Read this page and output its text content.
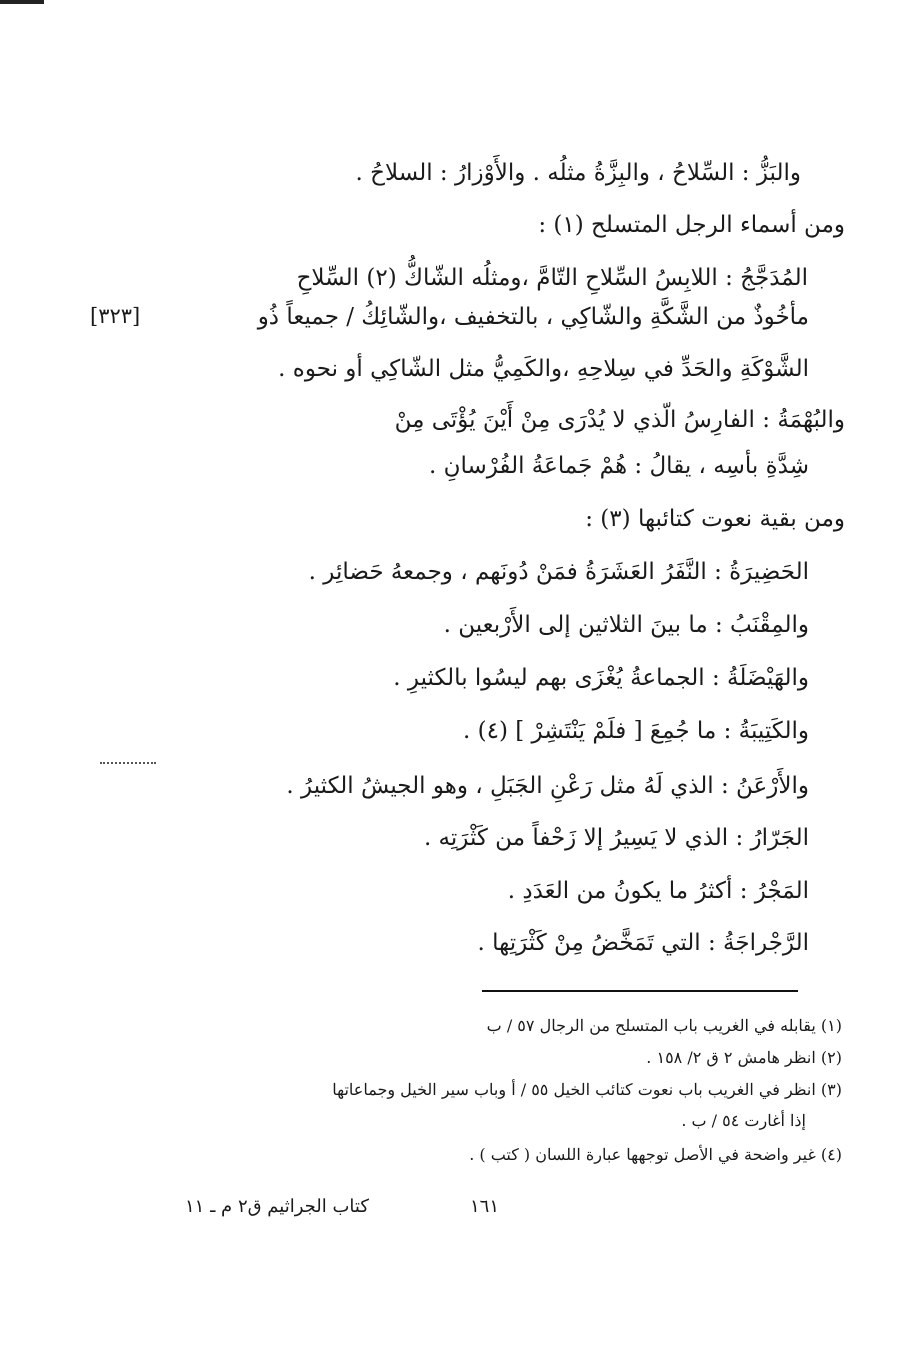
والبَزُّ : السِّلاحُ ، والبِزَّةُ مثلُه . والأَوْزارُ : السلاحُ .
ومن أسماء الرجل المتسلح (١) :
المُدَجَّجُ : اللابِسُ السِّلاحِ التّامَّ ،ومثلُه الشّاكُّ (٢) السِّلاحِ
مأخُوذٌ من الشَّكَّةِ والشّاكِي ، بالتخفيف ،والشّائِكُ / جميعاً ذُو
الشَّوْكَةِ والحَدِّ في سِلاحِهِ ،والكَمِيُّ مثل الشّاكِي أو نحوه .
والبُهْمَةُ : الفارِسُ الّذي لا يُدْرَى مِنْ أَيْنَ يُؤْتَى مِنْ
شِدَّةِ بأسِه ، يقالُ : هُمْ جَماعَةُ الفُرْسانِ .
ومن بقية نعوت كتائبها (٣) :
الحَضِيرَةُ : النَّفَرُ العَشَرَةُ فمَنْ دُونَهم ، وجمعهُ حَضائِر .
والمِقْنَبُ : ما بينَ الثلاثين إلى الأَرْبعين .
والهَيْضَلَةُ : الجماعةُ يُغْزَى بهم ليسُوا بالكثيرِ .
والكَتِيبَةُ : ما جُمِعَ [ فلَمْ يَنْتَشِرْ ] (٤) .
والأَرْعَنُ : الذي لَهُ مثل رَعْنِ الجَبَلِ ، وهو الجيشُ الكثيرُ .
الجَرّارُ : الذي لا يَسِيرُ إلا زَحْفاً من كَثْرَتِه .
المَجْرُ : أكثرُ ما يكونُ من العَدَدِ .
الرَّجْراجَةُ : التي تَمَخَّضُ مِنْ كَثْرَتِها .
[٣٢٣]
(١) يقابله في الغريب باب المتسلح من الرجال ٥٧ / ب
(٢) انظر هامش ٢ ق ٢/ ١٥٨ .
(٣) انظر في الغريب باب نعوت كتائب الخيل ٥٥ / أ وباب سير الخيل وجماعاتها
إذا أغارت ٥٤ / ب .
(٤) غير واضحة في الأصل توجهها عبارة اللسان ( كتب ) .
١٦١
كتاب الجراثيم ق٢ م ـ ١١
